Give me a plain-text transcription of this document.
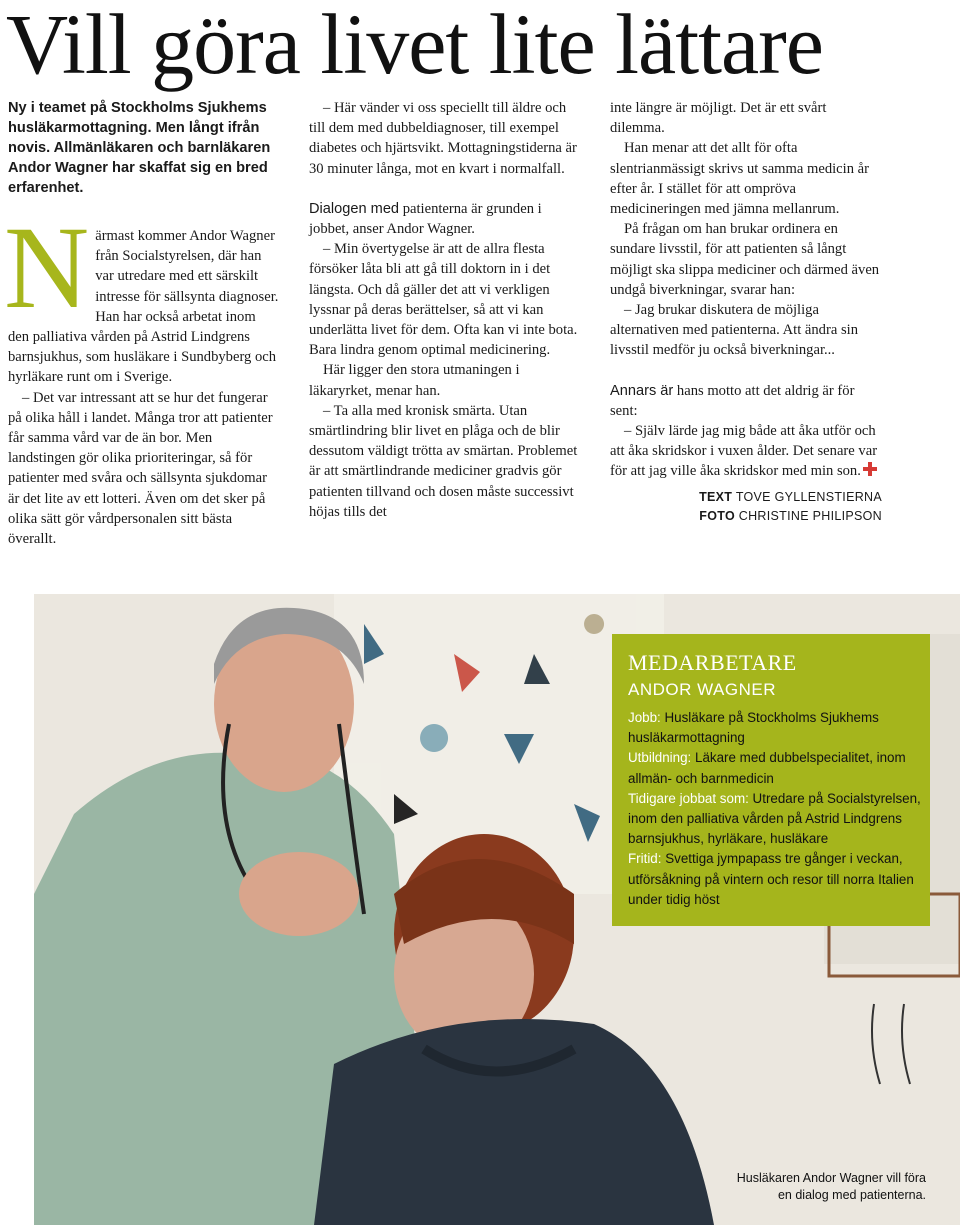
Vill göra livet lite lättare

Ny i teamet på Stockholms Sjukhems husläkarmottagning. Men långt ifrån novis. Allmänläkaren och barnläkaren Andor Wagner har skaffat sig en bred erfarenhet.

N ärmast kommer Andor Wagner från Socialstyrelsen, där han var utredare med ett särskilt intresse för sällsynta diagnoser. Han har också arbetat inom den palliativa vården på Astrid Lindgrens barnsjukhus, som husläkare i Sundbyberg och hyrläkare runt om i Sverige.

– Det var intressant att se hur det fungerar på olika håll i landet. Många tror att patienter får samma vård var de än bor. Men landstingen gör olika prioriteringar, så för patienter med svåra och sällsynta sjukdomar är det lite av ett lotteri. Även om det sker på olika sätt gör vårdpersonalen sitt bästa överallt.

– Här vänder vi oss speciellt till äldre och till dem med dubbeldiagnoser, till exempel diabetes och hjärtsvikt. Mottagningstiderna är 30 minuter långa, mot en kvart i normalfall.

Dialogen med patienterna är grunden i jobbet, anser Andor Wagner.

– Min övertygelse är att de allra flesta försöker låta bli att gå till doktorn in i det längsta. Och då gäller det att vi verkligen lyssnar på deras berättelser, så att vi kan underlätta livet för dem. Ofta kan vi inte bota. Bara lindra genom optimal medicinering.

Här ligger den stora utmaningen i läkaryrket, menar han.

– Ta alla med kronisk smärta. Utan smärtlindring blir livet en plåga och de blir dessutom väldigt trötta av smärtan. Problemet är att smärtlindrande mediciner gradvis gör patienten tillvand och dosen måste successivt höjas tills det

inte längre är möjligt. Det är ett svårt dilemma.

Han menar att det allt för ofta slentrianmässigt skrivs ut samma medicin år efter år. I stället för att ompröva medicineringen med jämna mellanrum.

På frågan om han brukar ordinera en sundare livsstil, för att patienten så långt möjligt ska slippa mediciner och därmed även undgå biverkningar, svarar han:

– Jag brukar diskutera de möjliga alternativen med patienterna. Att ändra sin livsstil medför ju också biverkningar...

Annars är hans motto att det aldrig är för sent:

– Själv lärde jag mig både att åka utför och att åka skridskor i vuxen ålder. Det senare var för att jag ville åka skridskor med min son.

TEXT TOVE GYLLENSTIERNA
FOTO CHRISTINE PHILIPSON
MEDARBETARE
ANDOR WAGNER

Jobb: Husläkare på Stockholms Sjukhems husläkarmottagning

Utbildning: Läkare med dubbelspecialitet, inom allmän- och barnmedicin

Tidigare jobbat som: Utredare på Socialstyrelsen, inom den palliativa vården på Astrid Lindgrens barnsjukhus, hyrläkare, husläkare

Fritid: Svettiga jympapass tre gånger i veckan, utförsåkning på vintern och resor till norra Italien under tidig höst

Husläkaren Andor Wagner vill föra en dialog med patienterna.
